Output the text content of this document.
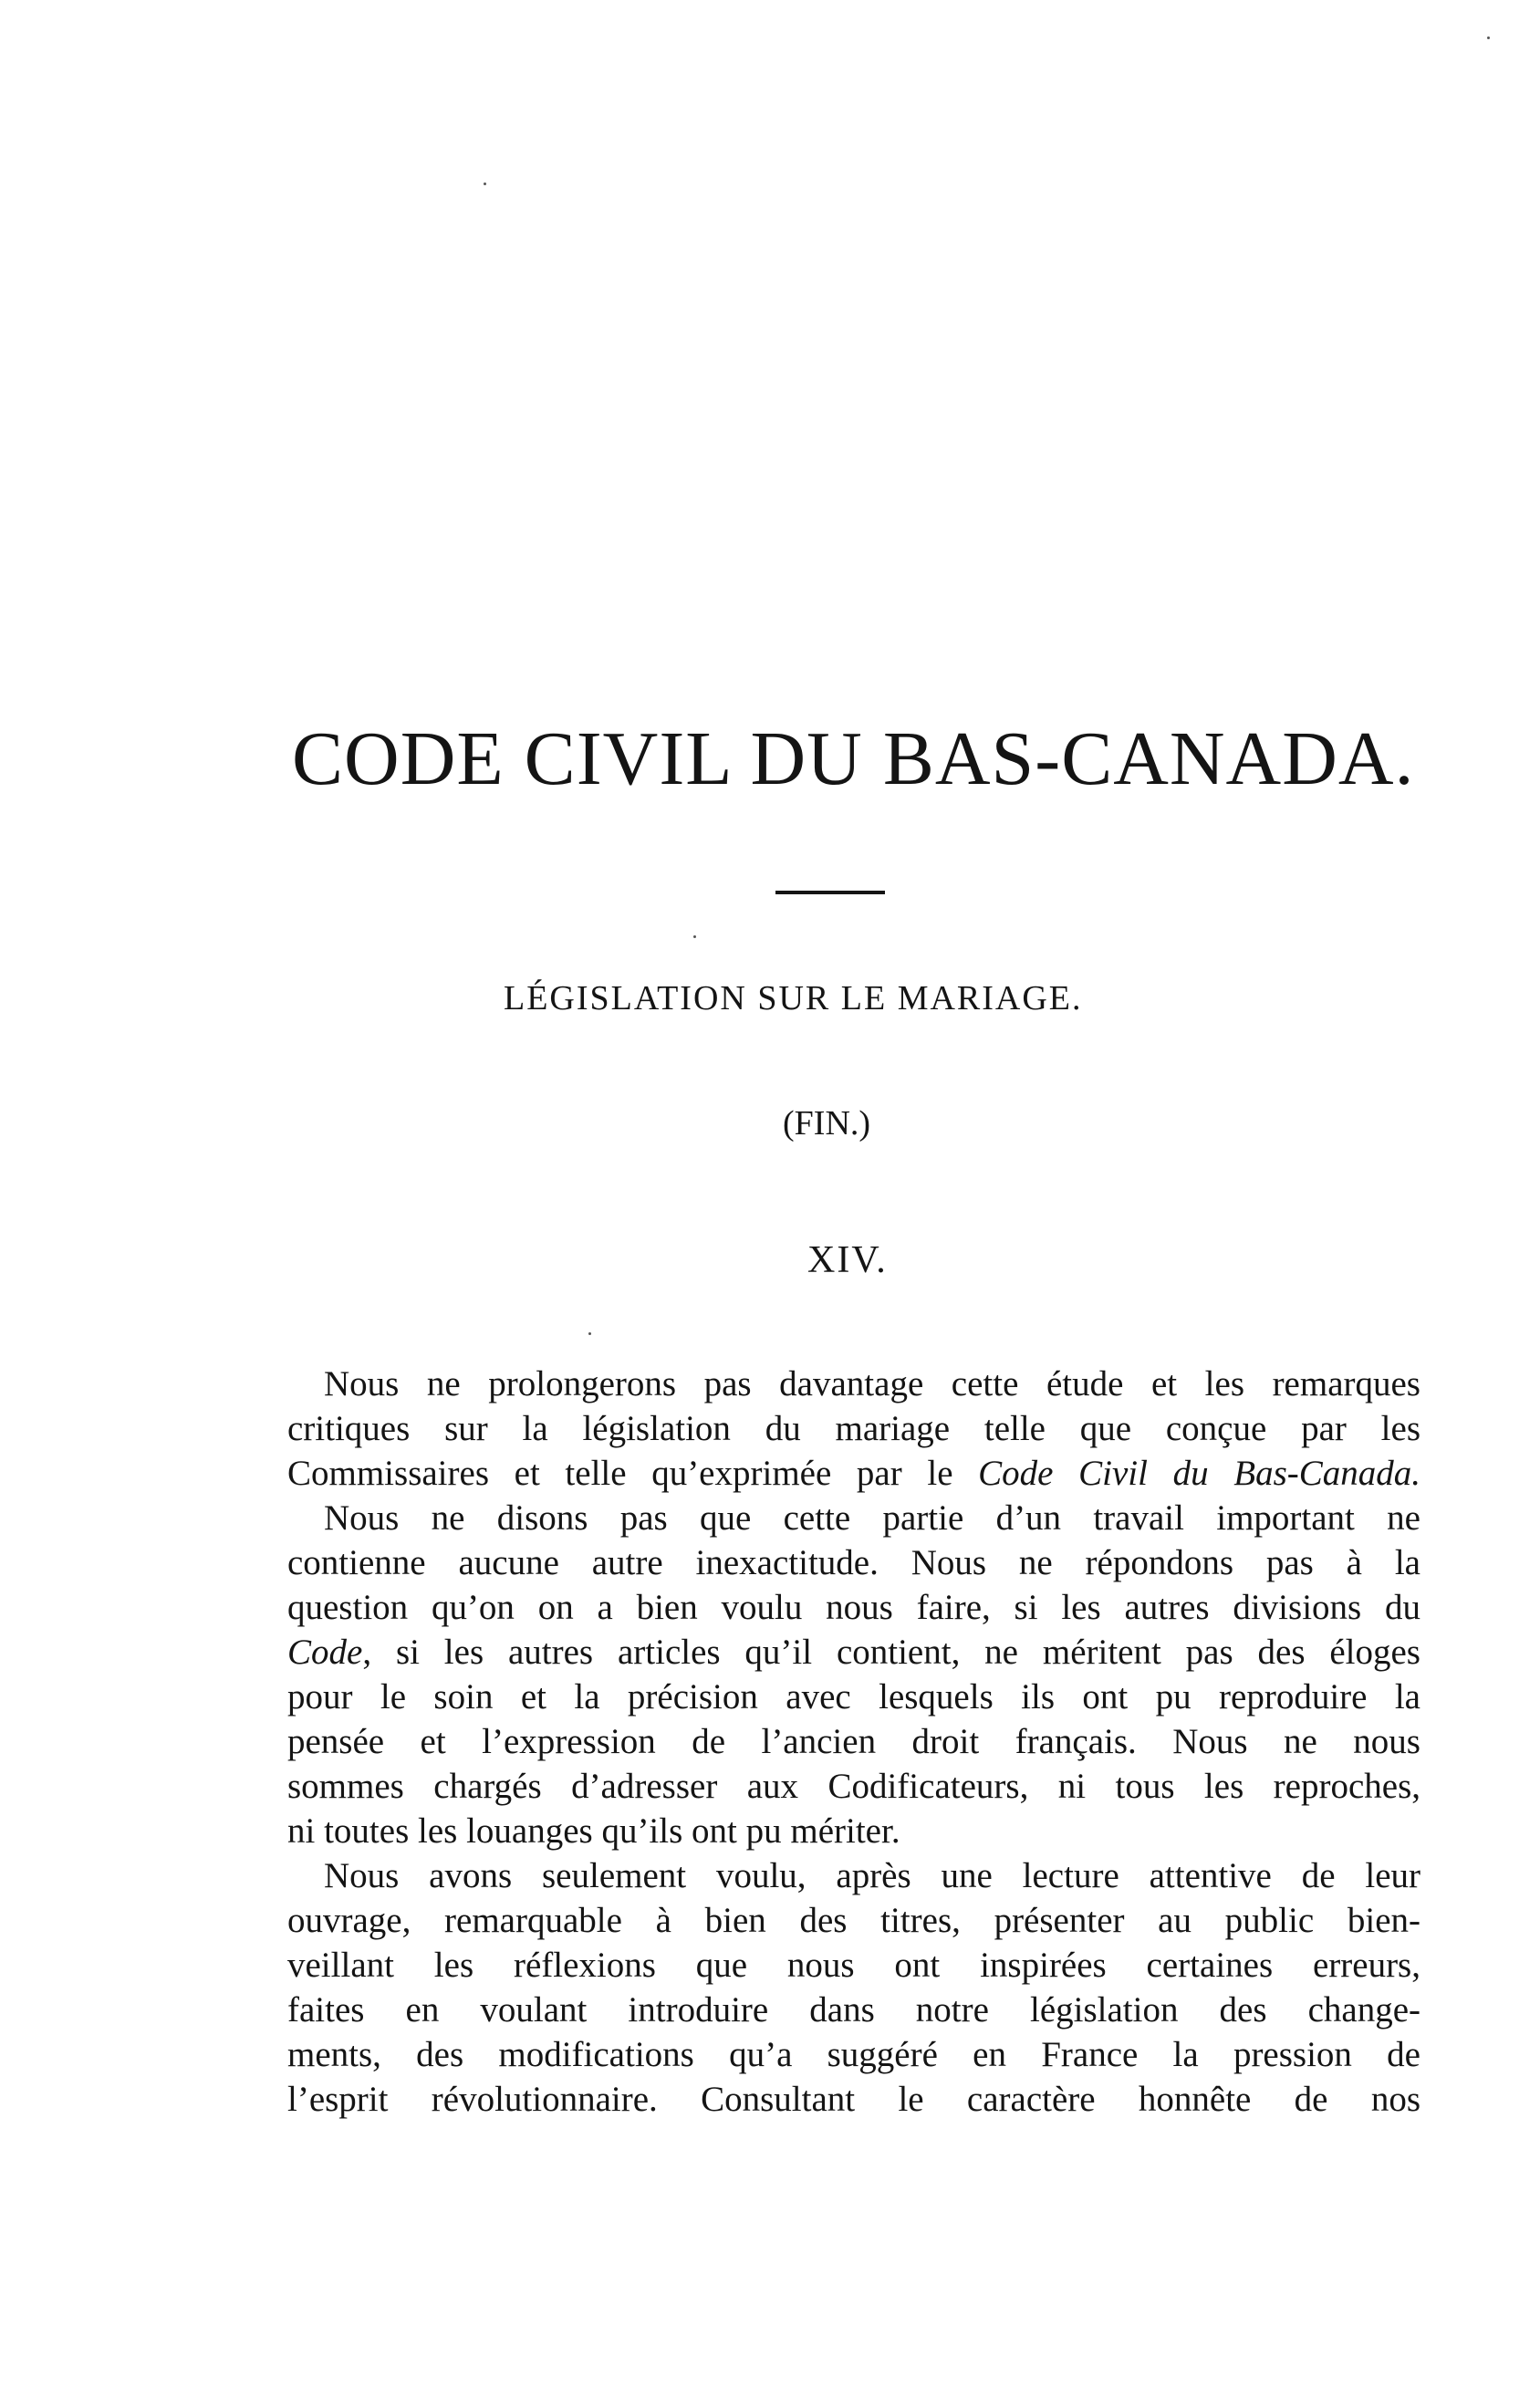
CODE CIVIL DU BAS-CANADA.
LÉGISLATION SUR LE MARIAGE.
(FIN.)
XIV.
Nous ne prolongerons pas davantage cette étude et les remarques
critiques sur la législation du mariage telle que conçue par les
Commissaires et telle qu’exprimée par le Code Civil du Bas-Canada.
Nous ne disons pas que cette partie d’un travail important ne
contienne aucune autre inexactitude. Nous ne répondons pas à la
question qu’on on a bien voulu nous faire, si les autres divisions du
Code, si les autres articles qu’il contient, ne méritent pas des éloges
pour le soin et la précision avec lesquels ils ont pu reproduire la
pensée et l’expression de l’ancien droit français. Nous ne nous
sommes chargés d’adresser aux Codificateurs, ni tous les reproches,
ni toutes les louanges qu’ils ont pu mériter.
Nous avons seulement voulu, après une lecture attentive de leur
ouvrage, remarquable à bien des titres, présenter au public bien-
veillant les réflexions que nous ont inspirées certaines erreurs,
faites en voulant introduire dans notre législation des change-
ments, des modifications qu’a suggéré en France la pression de
l’esprit révolutionnaire. Consultant le caractère honnête de nos
